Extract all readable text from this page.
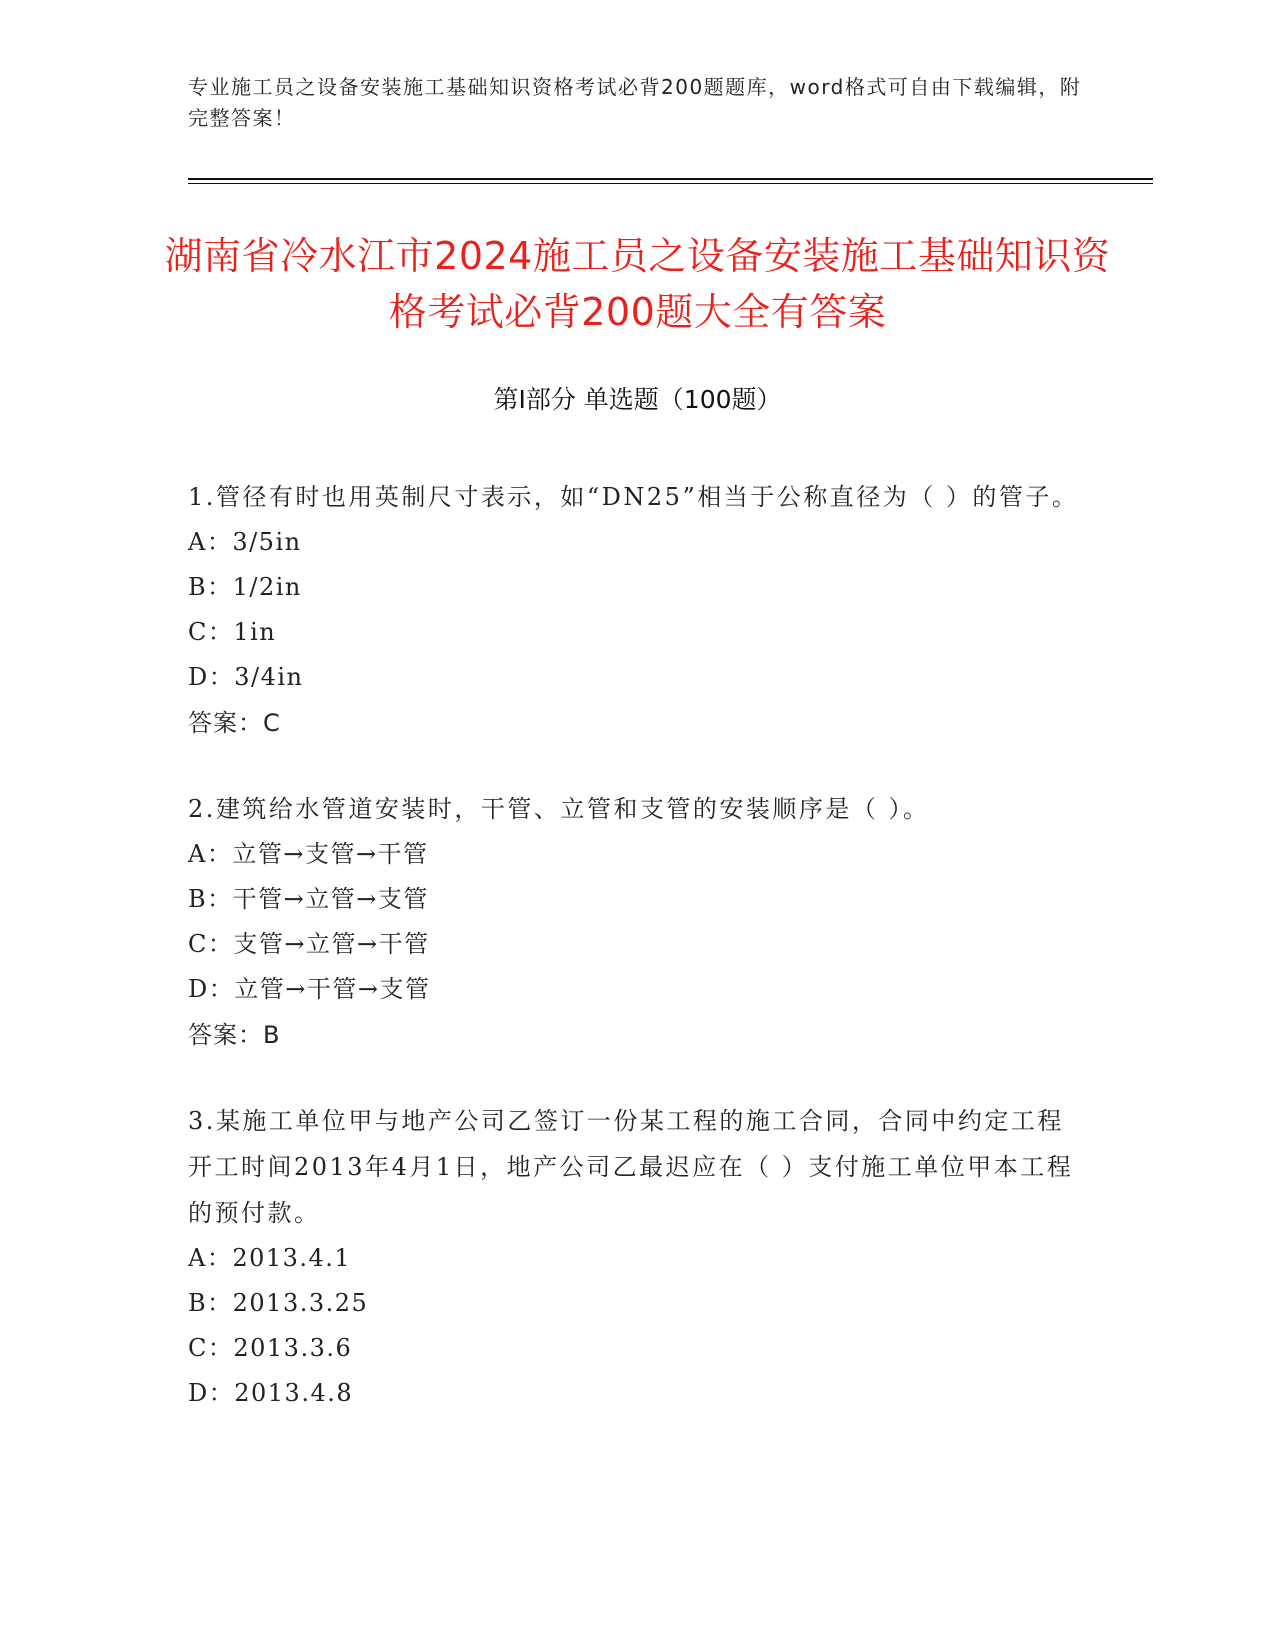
专业施工员之设备安装施工基础知识资格考试必背200题题库，word格式可自由下载编辑，附完整答案！
湖南省冷水江市2024施工员之设备安装施工基础知识资格考试必背200题大全有答案
第Ⅰ部分 单选题（100题）
1.管径有时也用英制尺寸表示，如“DN25”相当于公称直径为（ ）的管子。
A：3/5in
B：1/2in
C：1in
D：3/4in
答案：C
2.建筑给水管道安装时，干管、立管和支管的安装顺序是（ ）。
A：立管→支管→干管
B：干管→立管→支管
C：支管→立管→干管
D：立管→干管→支管
答案：B
3.某施工单位甲与地产公司乙签订一份某工程的施工合同，合同中约定工程开工时间2013年4月1日，地产公司乙最迟应在（ ）支付施工单位甲本工程的预付款。
A：2013.4.1
B：2013.3.25
C：2013.3.6
D：2013.4.8
